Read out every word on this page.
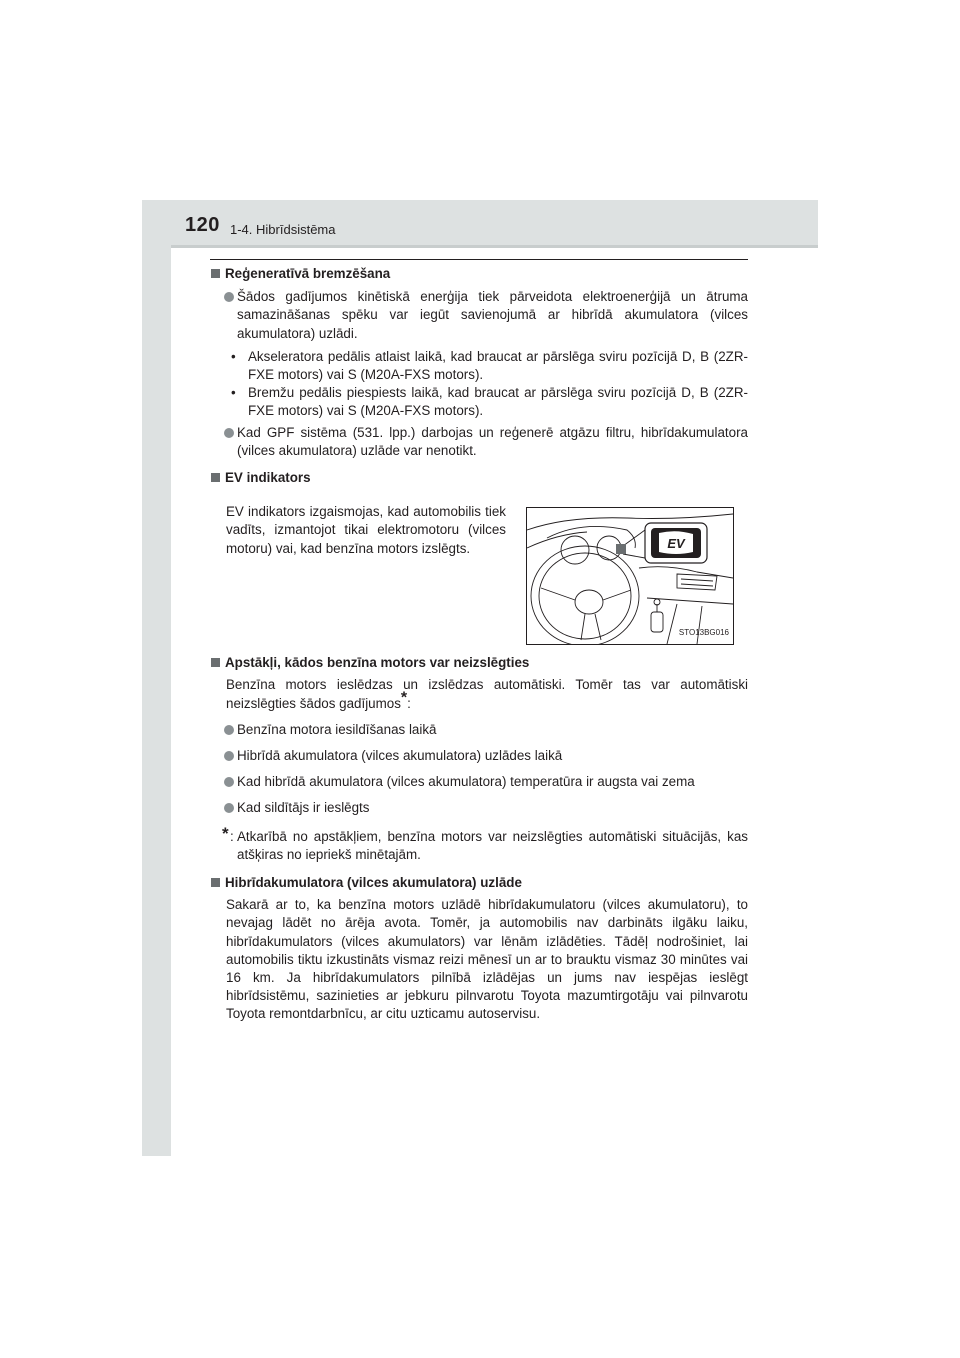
120 1-4. Hibrīdsistēma
Reģeneratīvā bremzēšana
Šādos gadījumos kinētiskā enerģija tiek pārveidota elektroenerģijā un ātruma samazināšanas spēku var iegūt savienojumā ar hibrīdā akumulatora (vilces akumulatora) uzlādi.
• Akseleratora pedālis atlaist laikā, kad braucat ar pārslēga sviru pozīcijā D, B (2ZR-FXE motors) vai S (M20A-FXS motors).
• Bremžu pedālis piespiests laikā, kad braucat ar pārslēga sviru pozīcijā D, B (2ZR-FXE motors) vai S (M20A-FXS motors).
Kad GPF sistēma (531. lpp.) darbojas un reģenerē atgāzu filtru, hibrīdakumulatora (vilces akumulatora) uzlāde var nenotikt.
EV indikators
EV indikators izgaismojas, kad automobilis tiek vadīts, izmantojot tikai elektromotoru (vilces motoru) vai, kad benzīna motors izslēgts.	EV
STO13BG016
Apstākļi, kādos benzīna motors var neizslēgties
Benzīna motors ieslēdzas un izslēdzas automātiski. Tomēr tas var automātiski neizslēgties šādos gadījumos*:
Benzīna motora iesildīšanas laikā
Hibrīdā akumulatora (vilces akumulatora) uzlādes laikā
Kad hibrīdā akumulatora (vilces akumulatora) temperatūra ir augsta vai zema
Kad sildītājs ir ieslēgts
* : Atkarībā no apstākļiem, benzīna motors var neizslēgties automātiski situācijās, kas atšķiras no iepriekš minētajām.
Hibrīdakumulatora (vilces akumulatora) uzlāde
Sakarā ar to, ka benzīna motors uzlādē hibrīdakumulatoru (vilces akumulatoru), to nevajag lādēt no ārēja avota. Tomēr, ja automobilis nav darbināts ilgāku laiku, hibrīdakumulators (vilces akumulators) var lēnām izlādēties. Tādēļ nodrošiniet, lai automobilis tiktu izkustināts vismaz reizi mēnesī un ar to brauktu vismaz 30 minūtes vai 16 km. Ja hibrīdakumulators pilnībā izlādējas un jums nav iespējas ieslēgt hibrīdsistēmu, sazinieties ar jebkuru pilnvarotu Toyota mazumtirgotāju vai pilnvarotu Toyota remontdarbnīcu, ar citu uzticamu autoservisu.
